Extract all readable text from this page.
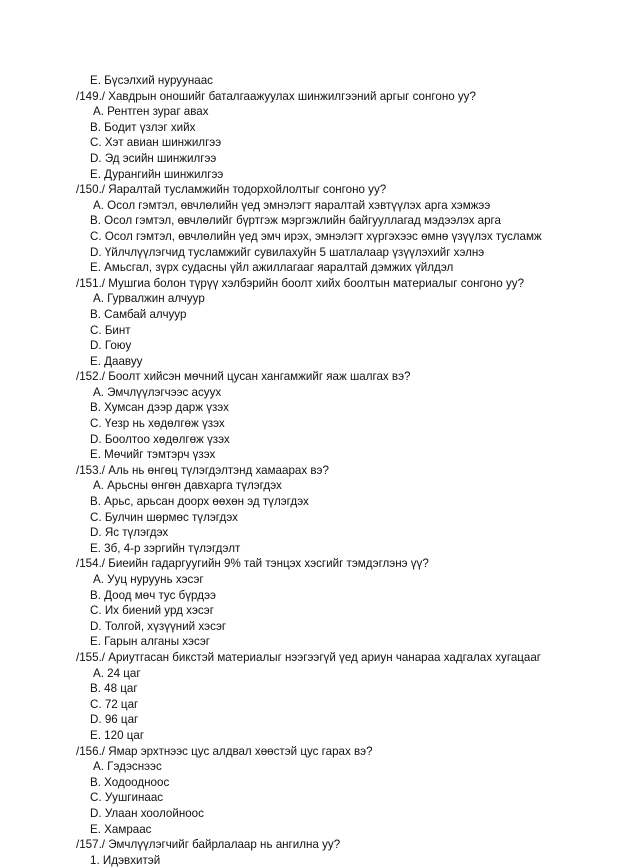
E. Бүсэлхий нуруунаас
/149./ Хавдрын оношийг баталгаажуулах шинжилгээний аргыг сонгоно уу?
A. Рентген зураг авах
B. Бодит үзлэг хийх
C. Хэт авиан шинжилгээ
D. Эд эсийн шинжилгээ
E. Дурангийн шинжилгээ
/150./ Яаралтай тусламжийн тодорхойлолтыг сонгоно уу?
A. Осол гэмтэл, өвчлөлийн үед эмнэлэгт яаралтай хэвтүүлэх арга хэмжээ
B. Осол гэмтэл, өвчлөлийг бүртгэж мэргэжлийн байгууллагад мэдээлэх арга
C. Осол гэмтэл, өвчлөлийн үед эмч ирэх, эмнэлэгт хүргэхээс өмнө үзүүлэх тусламж
D. Үйлчлүүлэгчид тусламжийг сувилахуйн 5 шатлалаар үзүүлэхийг хэлнэ
E. Амьсгал, зүрх судасны үйл ажиллагааг яаралтай дэмжих үйлдэл
/151./ Мушгиа болон түрүү хэлбэрийн боолт хийх боолтын материалыг сонгоно уу?
A. Гурвалжин алчуур
B. Самбай алчуур
C. Бинт
D. Гоюу
E. Даавуу
/152./ Боолт хийсэн мөчний цусан хангамжийг яаж шалгах вэ?
A. Эмчлүүлэгчээс асуух
B. Хумсан дээр дарж үзэх
C. Үезр нь хөдөлгөж үзэх
D. Боолтоо хөдөлгөж үзэх
E. Мөчийг тэмтэрч үзэх
/153./ Аль нь өнгөц түлэгдэлтэнд хамаарах вэ?
A. Арьсны өнгөн давхарга түлэгдэх
B. Арьс, арьсан доорх өөхөн эд түлэгдэх
C. Булчин шөрмөс түлэгдэх
D. Яс түлэгдэх
E. 3б, 4-р зэргийн түлэгдэлт
/154./ Биеийн гадаргуугийн 9% тай тэнцэх хэсгийг тэмдэглэнэ үү?
A. Ууц нуруунь хэсэг
B. Доод мөч тус бүрдээ
C. Их биений урд хэсэг
D. Толгой, хүзүүний хэсэг
E. Гарын алганы хэсэг
/155./ Ариутгасан бикстэй материалыг нээгээгүй үед ариун чанараа хадгалах хугацааг
A. 24 цаг
B. 48 цаг
C. 72 цаг
D. 96 цаг
E. 120 цаг
/156./ Ямар эрхтнээс цус алдвал хөөстэй цус гарах вэ?
A. Гэдэснээс
B. Ходоодноос
C. Уушгинаас
D. Улаан хоолойноос
E. Хамраас
/157./ Эмчлүүлэгчийг байрлалаар нь ангилна уу?
1. Идэвхитэй
